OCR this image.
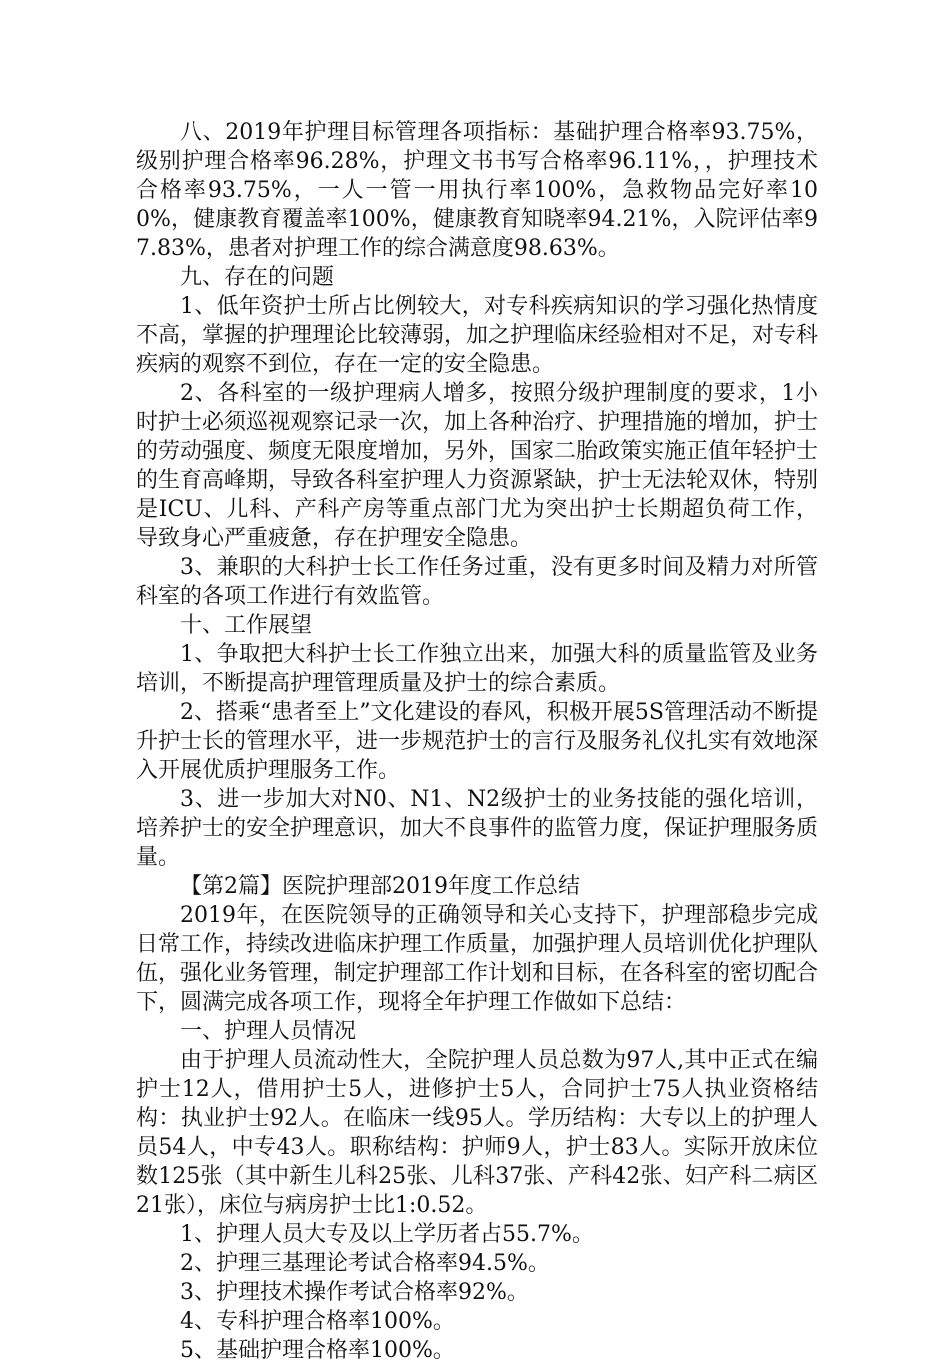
八、2019年护理目标管理各项指标：基础护理合格率93.75%，级别护理合格率96.28%，护理文书书写合格率96.11%，，护理技术合格率93.75%，一人一管一用执行率100%，急救物品完好率100%，健康教育覆盖率100%，健康教育知晓率94.21%，入院评估率97.83%，患者对护理工作的综合满意度98.63%。

九、存在的问题

1、低年资护士所占比例较大，对专科疾病知识的学习强化热情度不高，掌握的护理理论比较薄弱，加之护理临床经验相对不足，对专科疾病的观察不到位，存在一定的安全隐患。

2、各科室的一级护理病人增多，按照分级护理制度的要求，1小时护士必须巡视观察记录一次，加上各种治疗、护理措施的增加，护士的劳动强度、频度无限度增加，另外，国家二胎政策实施正值年轻护士的生育高峰期，导致各科室护理人力资源紧缺，护士无法轮双休，特别是ICU、儿科、产科产房等重点部门尤为突出护士长期超负荷工作，导致身心严重疲惫，存在护理安全隐患。

3、兼职的大科护士长工作任务过重，没有更多时间及精力对所管科室的各项工作进行有效监管。

十、工作展望

1、争取把大科护士长工作独立出来，加强大科的质量监管及业务培训，不断提高护理管理质量及护士的综合素质。

2、搭乘“患者至上”文化建设的春风，积极开展5S管理活动不断提升护士长的管理水平，进一步规范护士的言行及服务礼仪扎实有效地深入开展优质护理服务工作。

3、进一步加大对N0、N1、N2级护士的业务技能的强化培训，培养护士的安全护理意识，加大不良事件的监管力度，保证护理服务质量。

【第2篇】医院护理部2019年度工作总结

2019年，在医院领导的正确领导和关心支持下，护理部稳步完成日常工作，持续改进临床护理工作质量，加强护理人员培训优化护理队伍，强化业务管理，制定护理部工作计划和目标，在各科室的密切配合下，圆满完成各项工作，现将全年护理工作做如下总结：

一、护理人员情况

由于护理人员流动性大，全院护理人员总数为97人,其中正式在编护士12人，借用护士5人，进修护士5人，合同护士75人执业资格结构：执业护士92人。在临床一线95人。学历结构：大专以上的护理人员54人，中专43人。职称结构：护师9人，护士83人。实际开放床位数125张（其中新生儿科25张、儿科37张、产科42张、妇产科二病区21张），床位与病房护士比1:0.52。

1、护理人员大专及以上学历者占55.7%。

2、护理三基理论考试合格率94.5%。

3、护理技术操作考试合格率92%。

4、专科护理合格率100%。

5、基础护理合格率100%。
